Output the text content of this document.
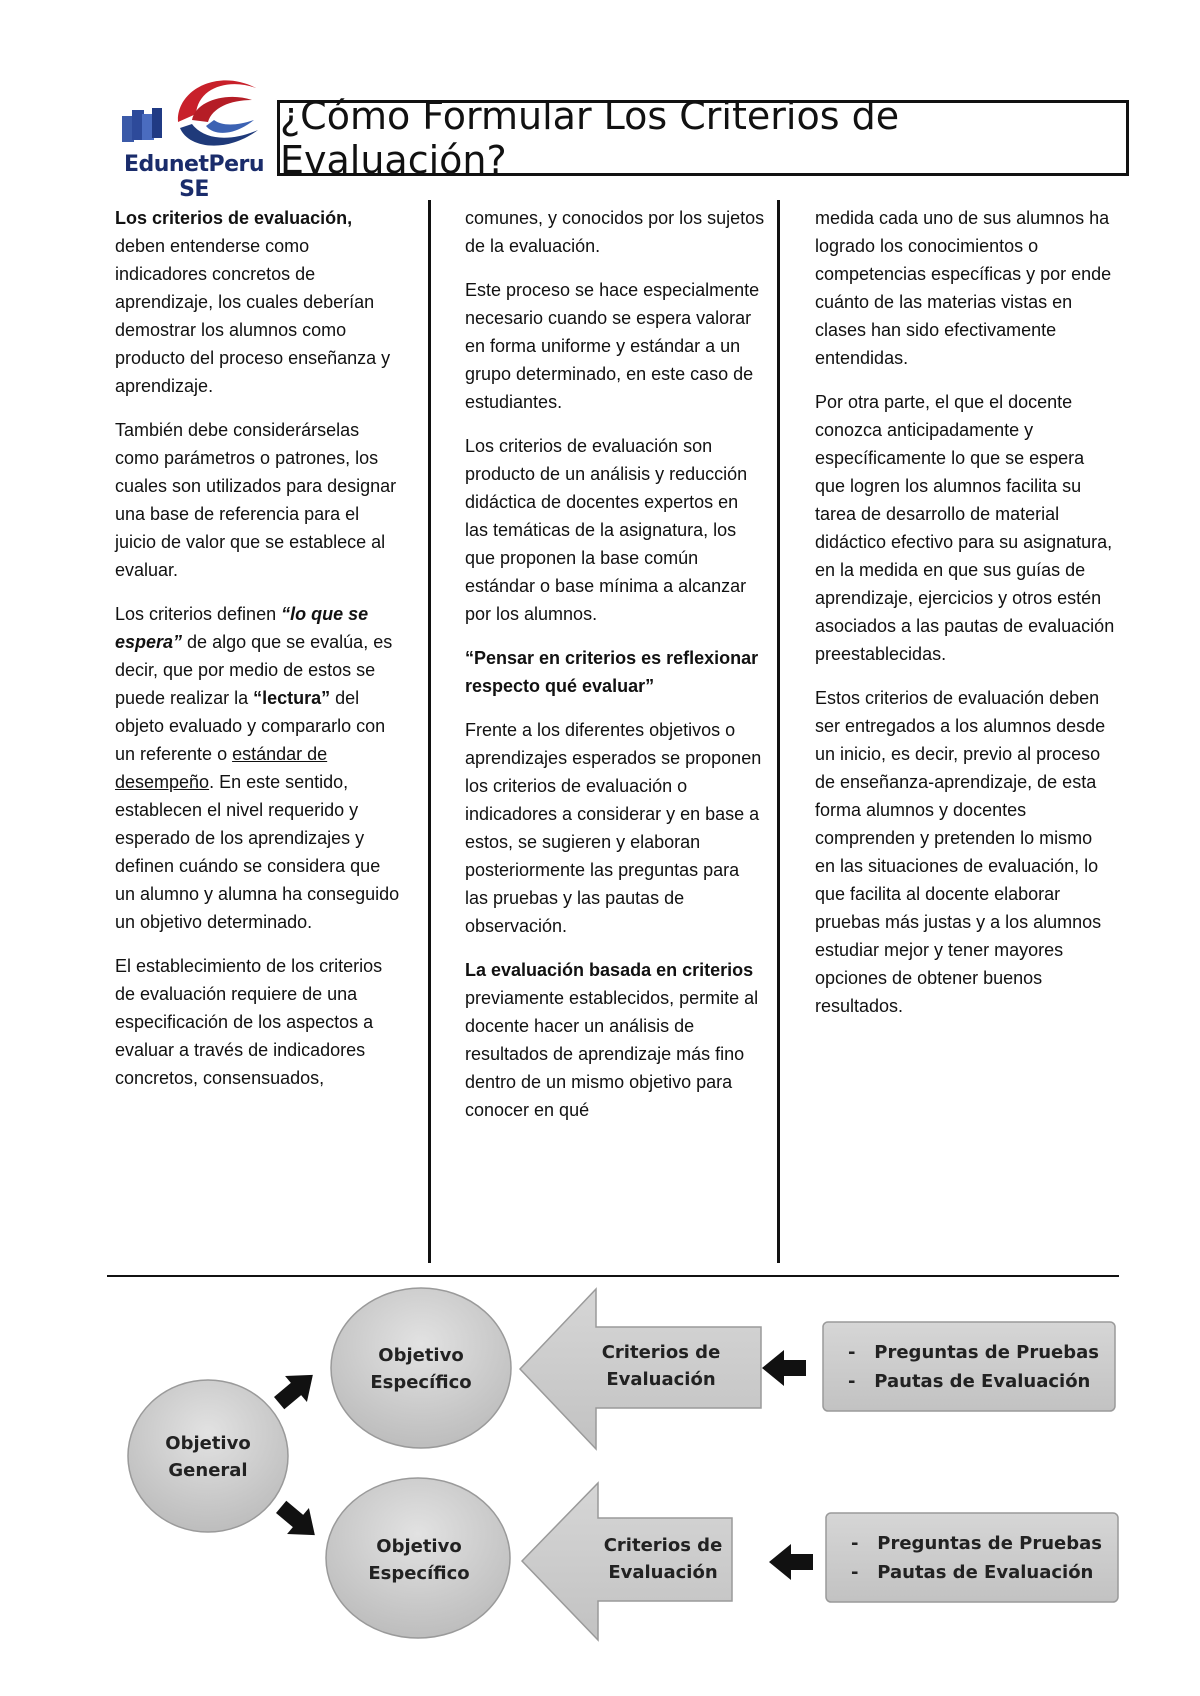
EdunetPeru SE
¿Cómo Formular Los Criterios de Evaluación?

Los criterios de evaluación, deben entenderse como indicadores concretos de aprendizaje, los cuales deberían demostrar los alumnos como producto del proceso enseñanza y aprendizaje.

También debe considerárselas como parámetros o patrones, los cuales son utilizados para designar una base de referencia para el juicio de valor que se establece al evaluar.

Los criterios definen “lo que se espera” de algo que se evalúa, es decir, que por medio de estos se puede realizar la “lectura” del objeto evaluado y compararlo con un referente o estándar de desempeño. En este sentido, establecen el nivel requerido y esperado de los aprendizajes y definen cuándo se considera que un alumno y alumna ha conseguido un objetivo determinado.

El establecimiento de los criterios de evaluación requiere de una especificación de los aspectos a evaluar a través de indicadores concretos, consensuados,

comunes, y conocidos por los sujetos de la evaluación.

Este proceso se hace especialmente necesario cuando se espera valorar en forma uniforme y estándar a un grupo determinado, en este caso de estudiantes.

Los criterios de evaluación son producto de un análisis y reducción didáctica de docentes expertos en las temáticas de la asignatura, los que proponen la base común estándar o base mínima a alcanzar por los alumnos.

“Pensar en criterios es reflexionar respecto qué evaluar”

Frente a los diferentes objetivos o aprendizajes esperados se proponen los criterios de evaluación o indicadores a considerar y en base a estos, se sugieren y elaboran posteriormente las preguntas para las pruebas y las pautas de observación.

La evaluación basada en criterios previamente establecidos, permite al docente hacer un análisis de resultados de aprendizaje más fino dentro de un mismo objetivo para conocer en qué

medida cada uno de sus alumnos ha logrado los conocimientos o competencias específicas y por ende cuánto de las materias vistas en clases han sido efectivamente entendidas.

Por otra parte, el que el docente conozca anticipadamente y específicamente lo que se espera que logren los alumnos facilita su tarea de desarrollo de material didáctico efectivo para su asignatura, en la medida en que sus guías de aprendizaje, ejercicios y otros estén asociados a las pautas de evaluación preestablecidas.

Estos criterios de evaluación deben ser entregados a los alumnos desde un inicio, es decir, previo al proceso de enseñanza-aprendizaje, de esta forma alumnos y docentes comprenden y pretenden lo mismo en las situaciones de evaluación, lo que facilita al docente elaborar pruebas más justas y a los alumnos estudiar mejor y tener mayores opciones de obtener buenos resultados.

Objetivo
General
Objetivo
Específico
Objetivo
Específico
Criterios de
Evaluación
Criterios de
Evaluación
- Preguntas de Pruebas
- Pautas de Evaluación
- Preguntas de Pruebas
- Pautas de Evaluación
